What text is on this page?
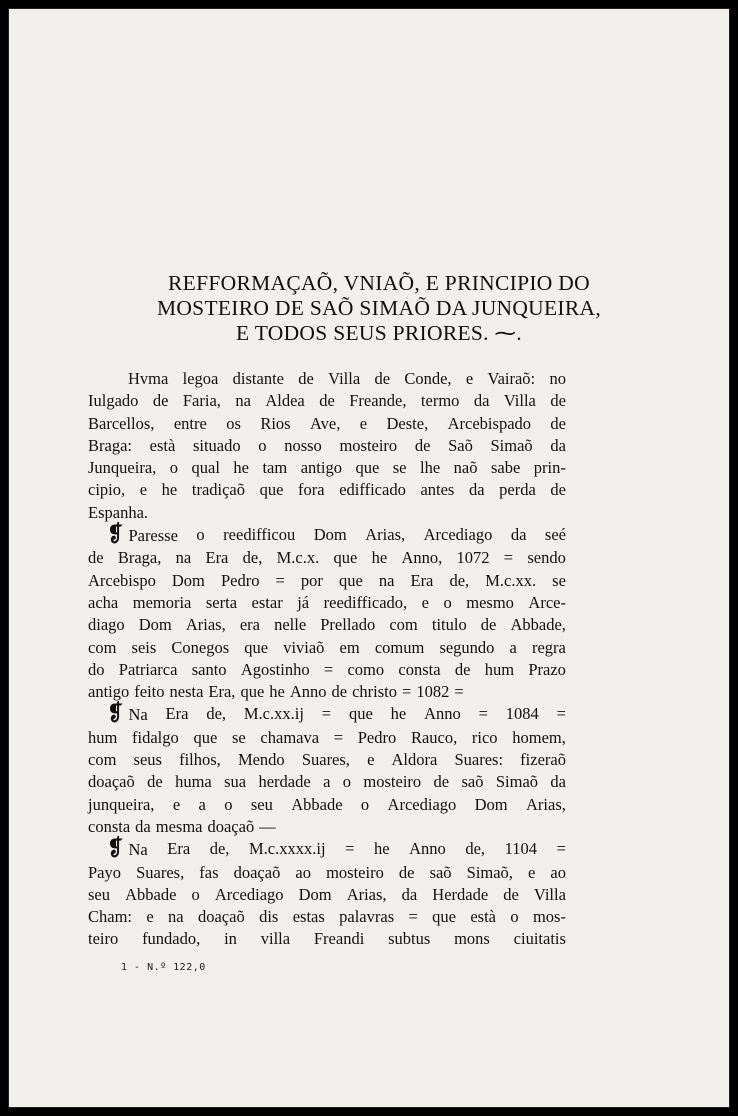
REFFORMAÇAÕ, VNIAÕ, E PRINCIPIO DO
MOSTEIRO DE SAÕ SIMAÕ DA JUNQUEIRA,
E TODOS SEUS PRIORES. ⁓.
Hvma legoa distante de Villa de Conde, e Vairaõ: no
Iulgado de Faria, na Aldea de Freande, termo da Villa de
Barcellos, entre os Rios Ave, e Deste, Arcebispado de
Braga: està situado o nosso mosteiro de Saõ Simaõ da
Junqueira, o qual he tam antigo que se lhe naõ sabe prin-
cipio, e he tradiçaõ que fora edifficado antes da perda de
Espanha.
❡ Paresse o reedifficou Dom Arias, Arcediago da seé
de Braga, na Era de, M.c.x. que he Anno, 1072 = sendo
Arcebispo Dom Pedro = por que na Era de, M.c.xx. se
acha memoria serta estar já reedifficado, e o mesmo Arce-
diago Dom Arias, era nelle Prellado com titulo de Abbade,
com seis Conegos que viviaõ em comum segundo a regra
do Patriarca santo Agostinho = como consta de hum Prazo
antigo feito nesta Era, que he Anno de christo = 1082 =
❡ Na Era de, M.c.xx.ij = que he Anno = 1084 =
hum fidalgo que se chamava = Pedro Rauco, rico homem,
com seus filhos, Mendo Suares, e Aldora Suares: fizeraõ
doaçaõ de huma sua herdade a o mosteiro de saõ Simaõ da
junqueira, e a o seu Abbade o Arcediago Dom Arias,
consta da mesma doaçaõ —
❡ Na Era de, M.c.xxxx.ij = he Anno de, 1104 =
Payo Suares, fas doaçaõ ao mosteiro de saõ Simaõ, e ao
seu Abbade o Arcediago Dom Arias, da Herdade de Villa
Cham: e na doaçaõ dis estas palavras = que està o mos-
teiro fundado, in villa Freandi subtus mons ciuitatis
1 - N.º 122,0
